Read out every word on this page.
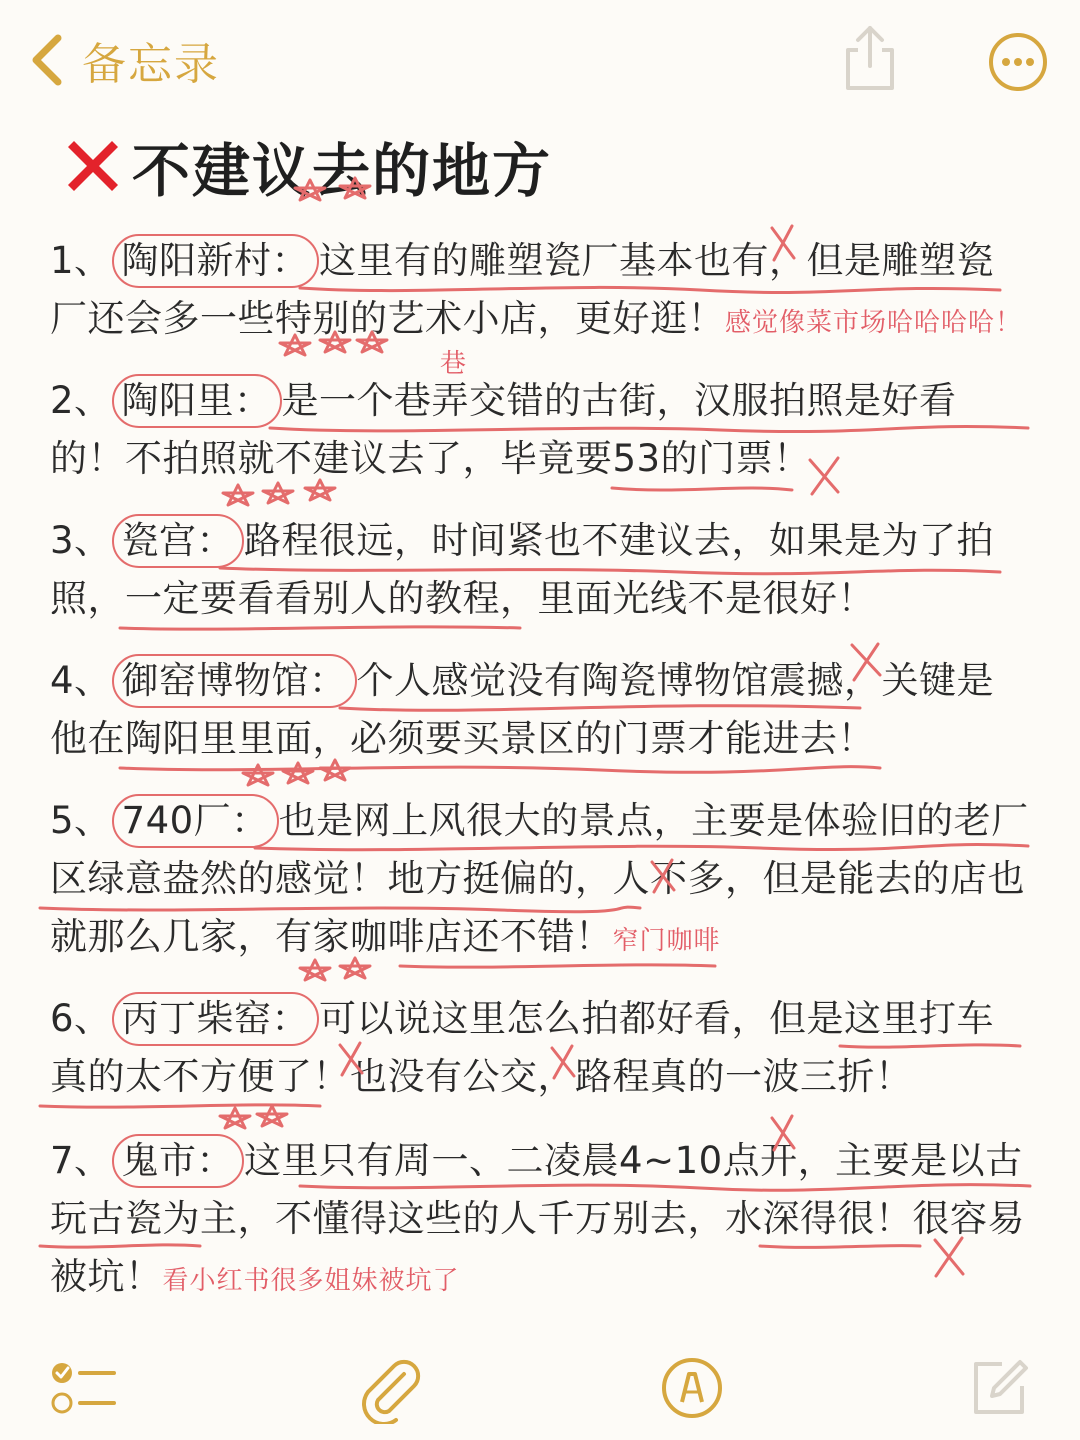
备忘录
不建议去的地方
1、 陶阳新村： 这里有的雕塑瓷厂基本也有，但是雕塑瓷厂还会多一些特别的艺术小店，更好逛！感觉像菜市场哈哈哈哈！
2、 陶阳里： 是一个巷弄交错的古街，汉服拍照是好看的！不拍照就不建议去了，毕竟要53的门票！
3、 瓷宫： 路程很远，时间紧也不建议去，如果是为了拍照，一定要看看别人的教程，里面光线不是很好！
4、 御窑博物馆： 个人感觉没有陶瓷博物馆震撼，关键是他在陶阳里里面，必须要买景区的门票才能进去！
5、 740厂： 也是网上风很大的景点，主要是体验旧的老厂区绿意盎然的感觉！地方挺偏的，人不多，但是能去的店也就那么几家，有家咖啡店还不错！窄门咖啡
6、 丙丁柴窑： 可以说这里怎么拍都好看，但是这里打车真的太不方便了！也没有公交，路程真的一波三折！
7、 鬼市： 这里只有周一、二凌晨4~10点开，主要是以古玩古瓷为主，不懂得这些的人千万别去，水深得很！很容易被坑！看小红书很多姐妹被坑了
巷
